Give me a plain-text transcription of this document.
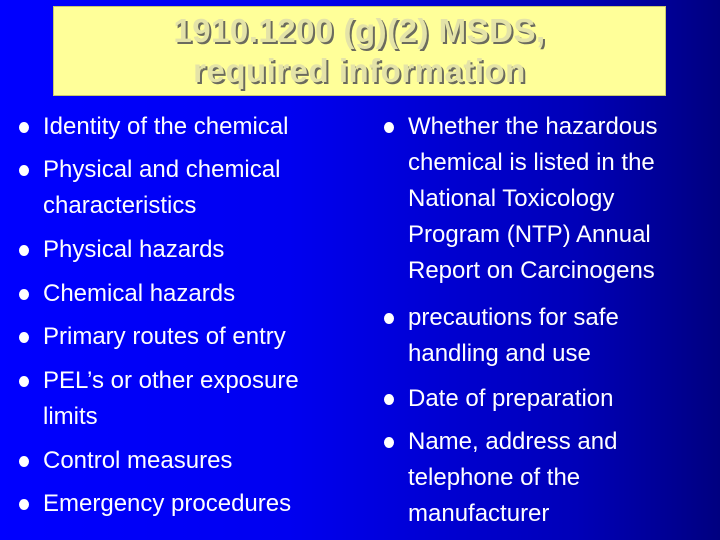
1910.1200 (g)(2) MSDS,
required information
Identity of the chemical
Physical and chemical
characteristics
Physical hazards
Chemical hazards
Primary routes of entry
PEL’s or other exposure
limits
Control measures
Emergency procedures
Whether the hazardous
chemical is listed in the
National Toxicology
Program (NTP) Annual
Report on Carcinogens
precautions for safe
handling and use
Date of preparation
Name, address and
telephone of the
manufacturer
